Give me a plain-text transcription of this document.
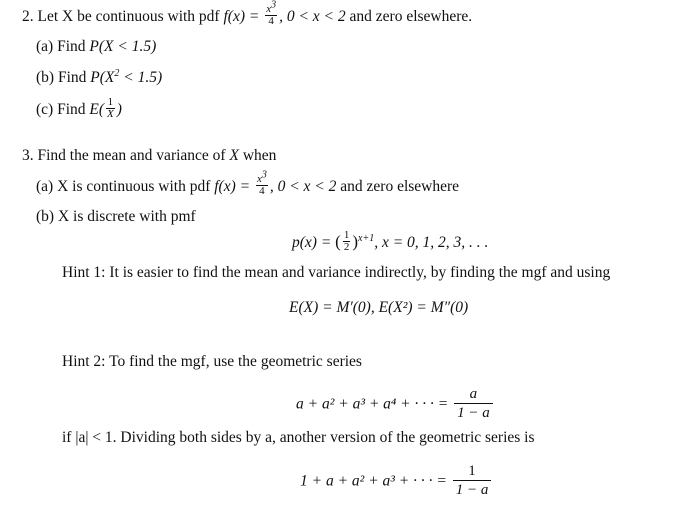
2. Let X be continuous with pdf $f(x) = \frac{x^3}{4}$ , 0 < x < 2 and zero elsewhere.
(a) Find P(X < 1.5)
(b) Find $P(X^2 < 1.5)$
(c) Find $E( \frac{1}{X}$ )
3. Find the mean and variance of X when
(a) X is continuous with pdf $f(x) = \frac{x^3}{4}$ , 0 < x < 2 and zero elsewhere
(b) X is discrete with pmf
p(x) = ( $\frac{1}{2} )^{x+1}$, x = 0, 1, 2, 3, . . .
Hint 1: It is easier to find the mean and variance indirectly, by finding the mgf and using
E(X) = M′(0), E(X²) = M″(0)
Hint 2: To find the mgf, use the geometric series
a + a² + a³ + a⁴ + · · · = $\frac{a}{1 - a}$
if |a| < 1. Dividing both sides by a, another version of the geometric series is
1 + a + a² + a³ + · · · = $\frac{1}{1 - a}$
